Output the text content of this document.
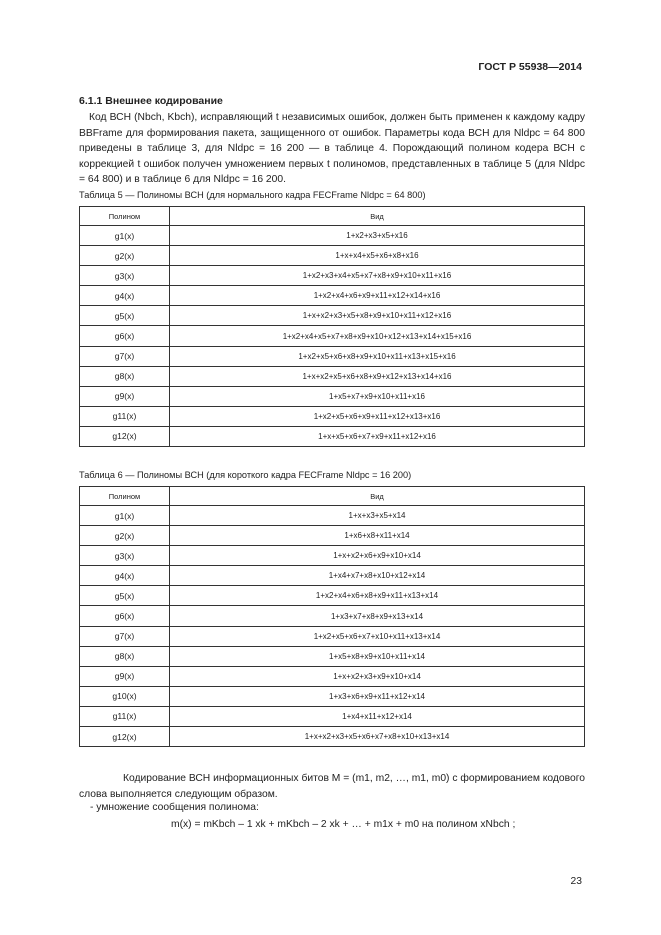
ГОСТ Р 55938—2014
6.1.1 Внешнее кодирование
Код ВСН (Nbch, Kbch), исправляющий t независимых ошибок, должен быть применен к каждому кадру BBFrame для формирования пакета, защищенного от ошибок. Параметры кода ВСН для Nldpc = 64 800 приведены в таблице 3, для Nldpc = 16 200 — в таблице 4. Порождающий полином кодера ВСН с коррекцией t ошибок получен умножением первых t полиномов, представленных в таблице 5 (для Nldpc = 64 800) и в таблице 6 для Nldpc = 16 200.
Таблица 5 — Полиномы ВСН (для нормального кадра FECFrame Nldpc = 64 800)
Полином	Вид
g1(x)	1+x2+x3+x5+x16
g2(x)	1+x+x4+x5+x6+x8+x16
g3(x)	1+x2+x3+x4+x5+x7+x8+x9+x10+x11+x16
g4(x)	1+x2+x4+x6+x9+x11+x12+x14+x16
g5(x)	1+x+x2+x3+x5+x8+x9+x10+x11+x12+x16
g6(x)	1+x2+x4+x5+x7+x8+x9+x10+x12+x13+x14+x15+x16
g7(x)	1+x2+x5+x6+x8+x9+x10+x11+x13+x15+x16
g8(x)	1+x+x2+x5+x6+x8+x9+x12+x13+x14+x16
g9(x)	1+x5+x7+x9+x10+x11+x16
g11(x)	1+x2+x5+x6+x9+x11+x12+x13+x16
g12(x)	1+x+x5+x6+x7+x9+x11+x12+x16
Таблица 6 — Полиномы ВСН (для короткого кадра FECFrame Nldpc = 16 200)
Полином	Вид
g1(x)	1+x+x3+x5+x14
g2(x)	1+x6+x8+x11+x14
g3(x)	1+x+x2+x6+x9+x10+x14
g4(x)	1+x4+x7+x8+x10+x12+x14
g5(x)	1+x2+x4+x6+x8+x9+x11+x13+x14
g6(x)	1+x3+x7+x8+x9+x13+x14
g7(x)	1+x2+x5+x6+x7+x10+x11+x13+x14
g8(x)	1+x5+x8+x9+x10+x11+x14
g9(x)	1+x+x2+x3+x9+x10+x14
g10(x)	1+x3+x6+x9+x11+x12+x14
g11(x)	1+x4+x11+x12+x14
g12(x)	1+x+x2+x3+x5+x6+x7+x8+x10+x13+x14
Кодирование ВСН информационных битов M = (m1, m2, …, m1, m0) с формированием кодового слова выполняется следующим образом.
- умножение сообщения полинома:
m(x) = mKbch – 1 xk + mKbch – 2 xk + … + m1x + m0 на полином xNbch ;
23
